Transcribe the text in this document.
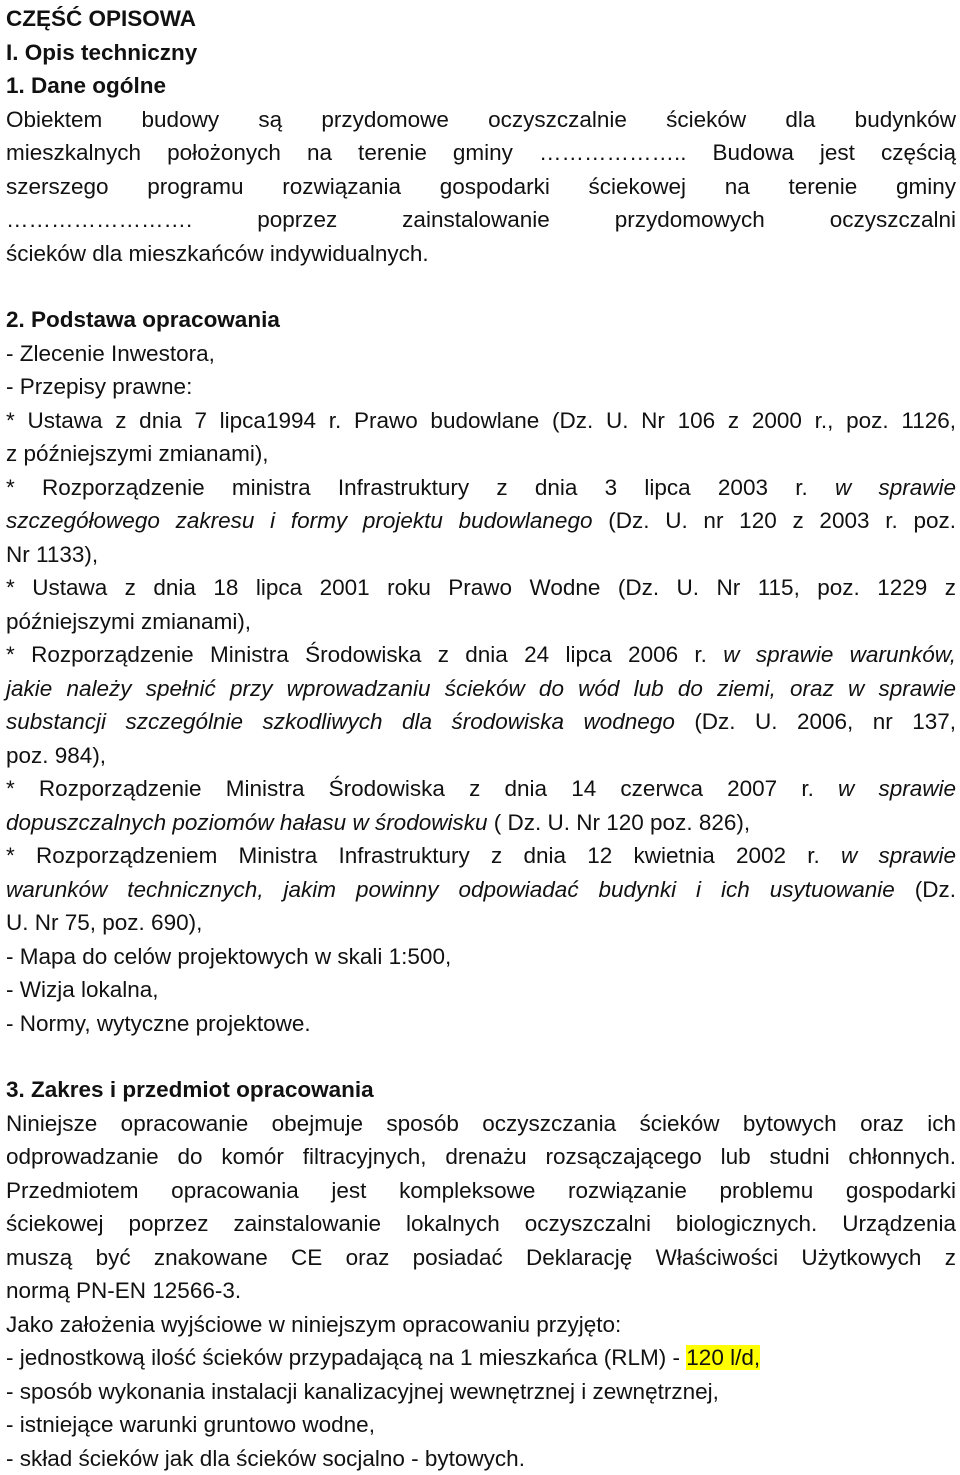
CZĘŚĆ OPISOWA
I. Opis techniczny
1. Dane ogólne
Obiektem budowy są przydomowe oczyszczalnie ścieków dla budynków
mieszkalnych położonych na terenie gminy ……………….. Budowa jest częścią
szerszego programu rozwiązania gospodarki ściekowej na terenie gminy
……………………. poprzez zainstalowanie przydomowych oczyszczalni
ścieków dla mieszkańców indywidualnych.
2. Podstawa opracowania
- Zlecenie Inwestora,
- Przepisy prawne:
* Ustawa z dnia 7 lipca1994 r. Prawo budowlane (Dz. U. Nr 106 z 2000 r., poz. 1126,
z późniejszymi zmianami),
* Rozporządzenie ministra Infrastruktury z dnia 3 lipca 2003 r. w sprawie
szczegółowego zakresu i formy projektu budowlanego (Dz. U. nr 120 z 2003 r. poz.
Nr 1133),
* Ustawa z dnia 18 lipca 2001 roku Prawo Wodne (Dz. U. Nr 115, poz. 1229 z
późniejszymi zmianami),
* Rozporządzenie Ministra Środowiska z dnia 24 lipca 2006 r. w sprawie warunków,
jakie należy spełnić przy wprowadzaniu ścieków do wód lub do ziemi, oraz w sprawie
substancji szczególnie szkodliwych dla środowiska wodnego (Dz. U. 2006, nr 137,
poz. 984),
* Rozporządzenie Ministra Środowiska z dnia 14 czerwca 2007 r. w sprawie
dopuszczalnych poziomów hałasu w środowisku ( Dz. U. Nr 120 poz. 826),
* Rozporządzeniem Ministra Infrastruktury z dnia 12 kwietnia 2002 r. w sprawie
warunków technicznych, jakim powinny odpowiadać budynki i ich usytuowanie (Dz.
U. Nr 75, poz. 690),
- Mapa do celów projektowych w skali 1:500,
- Wizja lokalna,
- Normy, wytyczne projektowe.
3. Zakres i przedmiot opracowania
Niniejsze opracowanie obejmuje sposób oczyszczania ścieków bytowych oraz ich
odprowadzanie do komór filtracyjnych, drenażu rozsączającego lub studni chłonnych.
Przedmiotem opracowania jest kompleksowe rozwiązanie problemu gospodarki
ściekowej poprzez zainstalowanie lokalnych oczyszczalni biologicznych. Urządzenia
muszą być znakowane CE oraz posiadać Deklarację Właściwości Użytkowych z
normą PN-EN 12566-3.
Jako założenia wyjściowe w niniejszym opracowaniu przyjęto:
- jednostkową ilość ścieków przypadającą na 1 mieszkańca (RLM) - 120 l/d,
- sposób wykonania instalacji kanalizacyjnej wewnętrznej i zewnętrznej,
- istniejące warunki gruntowo wodne,
- skład ścieków jak dla ścieków socjalno - bytowych.
